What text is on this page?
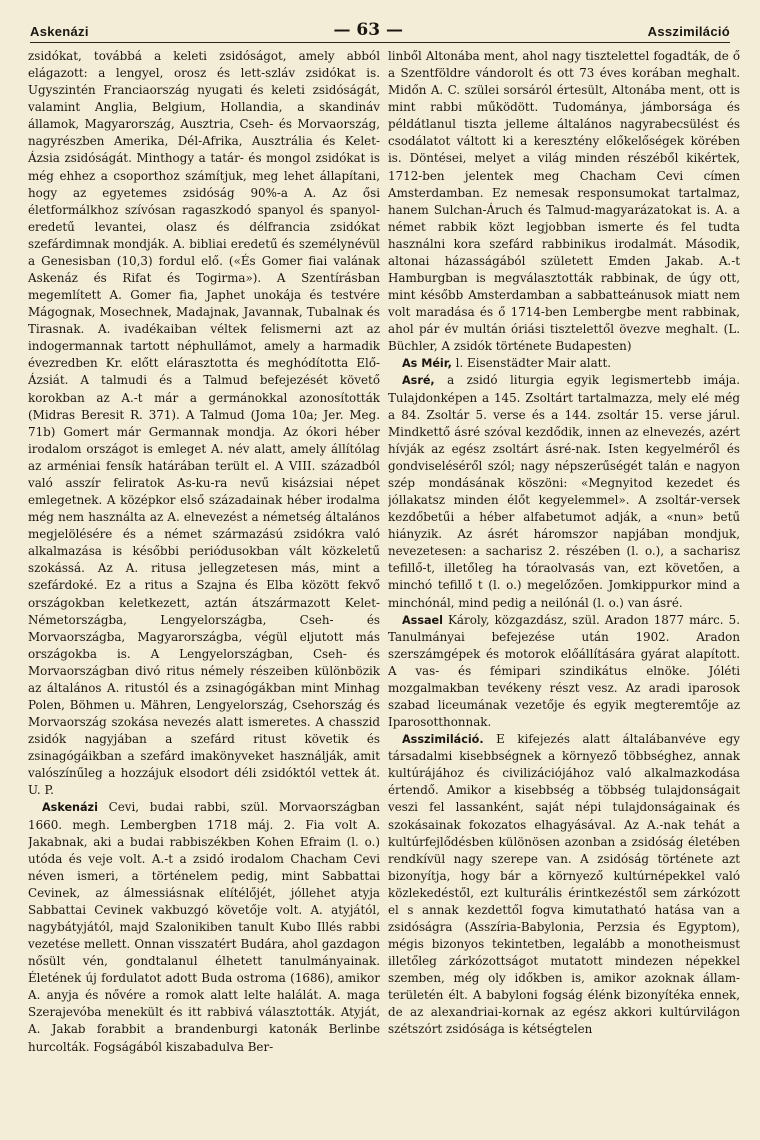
Askenázi	— 63 —	Asszimiláció

zsidókat, továbbá a keleti zsidóságot, amely abból elágazott: a lengyel, orosz és lett-szláv zsidókat is. Ugyszintén Franciaország nyugati és keleti zsidóságát, valamint Anglia, Belgium, Hollandia, a skandináv államok, Magyarország, Ausztria, Cseh- és Morvaország, nagyrészben Amerika, Dél-Afrika, Ausztrália és Kelet-Ázsia zsidóságát. Minthogy a tatár- és mongol zsidókat is még ehhez a csoporthoz számítjuk, meg lehet állapítani, hogy az egyetemes zsidóság 90%-a A. Az ősi életformálkhoz szívósan ragaszkodó spanyol és spanyol-eredetű levantei, olasz és délfrancia zsidókat szefárdimnak mondják. A. bibliai eredetű és személynévül a Genesisban (10,3) fordul elő. («És Gomer fiai valának Askenáz és Rifat és Togirma»). A Szentírásban megemlített A. Gomer fia, Japhet unokája és testvére Mágognak, Mosechnek, Madajnak, Javannak, Tubalnak és Tirasnak. A. ivadékaiban véltek felismerni azt az indogermannak tartott néphullámot, amely a harmadik évezredben Kr. előtt elárasztotta és meghódította Elő-Ázsiát. A talmudi és a Talmud befejezését követő korokban az A.-t már a germánokkal azonosították (Midras Beresit R. 371). A Talmud (Joma 10a; Jer. Meg. 71b) Gomert már Germannak mondja. Az ókori héber irodalom országot is emleget A. név alatt, amely állítólag az arméniai fensík határában terült el. A VIII. századból való asszír feliratok As-ku-ra nevű kisázsiai népet emlegetnek. A középkor első századainak héber irodalma még nem használta az A. elnevezést a németség általános megjelölésére és a német származású zsidókra való alkalmazása is későbbi periódusokban vált közkeletű szokássá. Az A. ritusa jellegzetesen más, mint a szefárdoké. Ez a ritus a Szajna és Elba között fekvő országokban keletkezett, aztán átszármazott Kelet-Németországba, Lengyelországba, Cseh- és Morvaországba, Magyarországba, végül eljutott más országokba is. A Lengyelországban, Cseh- és Morvaországban divó ritus némely részeiben különbözik az általános A. ritustól és a zsinagógákban mint Minhag Polen, Böhmen u. Mähren, Lengyelország, Csehország és Morvaország szokása nevezés alatt ismeretes. A chasszid zsidók nagyjában a szefárd ritust követik és zsinagógáikban a szefárd imakönyveket használják, amit valószínűleg a hozzájuk elsodort déli zsidóktól vettek át. U. P.

Askenázi Cevi, budai rabbi, szül. Morvaországban 1660. megh. Lembergben 1718 máj. 2. Fia volt A. Jakabnak, aki a budai rabbiszékben Kohen Efraim (l. o.) utóda és veje volt. A.-t a zsidó irodalom Chacham Cevi néven ismeri, a történelem pedig, mint Sabbattai Cevinek, az álmessiásnak elítélőjét, jóllehet atyja Sabbattai Cevinek vakbuzgó követője volt. A. atyjától, nagybátyjától, majd Szalonikiben tanult Kubo Illés rabbi vezetése mellett. Onnan visszatért Budára, ahol gazdagon nősült vén, gondtalanul élhetett tanulmányainak. Életének új fordulatot adott Buda ostroma (1686), amikor A. anyja és nővére a romok alatt lelte halálát. A. maga Szerajevóba menekült és itt rabbivá választották. Atyját, A. Jakab forabbit a brandenburgi katonák Berlinbe hurcolták. Fogságából kiszabadulva Ber-

linből Altonába ment, ahol nagy tisztelettel fogadták, de ő a Szentföldre vándorolt és ott 73 éves korában meghalt. Midőn A. C. szülei sorsáról értesült, Altonába ment, ott is mint rabbi működött. Tudománya, jámborsága és példátlanul tiszta jelleme általános nagyrabecsülést és csodálatot váltott ki a keresztény előkelőségek körében is. Döntései, melyet a világ minden részéből kikértek, 1712-ben jelentek meg Chacham Cevi címen Amsterdamban. Ez nemesak responsumokat tartalmaz, hanem Sulchan-Áruch és Talmud-magyarázatokat is. A. a német rabbik közt legjobban ismerte és fel tudta használni kora szefárd rabbinikus irodalmát. Második, altonai házasságából született Emden Jakab. A.-t Hamburgban is megválasztották rabbinak, de úgy ott, mint később Amsterdamban a sabbatteánusok miatt nem volt maradása és ő 1714-ben Lembergbe ment rabbinak, ahol pár év multán óriási tisztelettől övezve meghalt. (L. Büchler, A zsidók története Budapesten)

As Méir, l. Eisenstädter Mair alatt.

Asré, a zsidó liturgia egyik legismertebb imája. Tulajdonképen a 145. Zsoltárt tartalmazza, mely elé még a 84. Zsoltár 5. verse és a 144. zsoltár 15. verse járul. Mindkettő ásré szóval kezdődik, innen az elnevezés, azért hívják az egész zsoltárt ásré-nak. Isten kegyelméről és gondviseléséről szól; nagy népszerűségét talán e nagyon szép mondásának köszöni: «Megnyitod kezedet és jóllakatsz minden élőt kegyelemmel». A zsoltár-versek kezdőbetűi a héber alfabetumot adják, a «nun» betű hiányzik. Az ásrét háromszor napjában mondjuk, nevezetesen: a sacharisz 2. részében (l. o.), a sacharisz tefillő-t, illetőleg ha tóraolvasás van, ezt követően, a minchó tefillő t (l. o.) megelőzően. Jomkippurkor mind a minchónál, mind pedig a neilónál (l. o.) van ásré.

Assael Károly, közgazdász, szül. Aradon 1877 márc. 5. Tanulmányai befejezése után 1902. Aradon szerszámgépek és motorok előállítására gyárat alapított. A vas- és fémipari szindikátus elnöke. Jóléti mozgalmakban tevékeny részt vesz. Az aradi iparosok szabad liceumának vezetője és egyik megteremtője az Iparosotthonnak.

Asszimiláció. E kifejezés alatt általábanvéve egy társadalmi kisebbségnek a környező többséghez, annak kultúrájához és civilizációjához való alkalmazkodása értendő. Amikor a kisebbség a többség tulajdonságait veszi fel lassanként, saját népi tulajdonságainak és szokásainak fokozatos elhagyásával. Az A.-nak tehát a kultúrfejlődésben különösen azonban a zsidóság életében rendkívül nagy szerepe van. A zsidóság története azt bizonyítja, hogy bár a környező kultúrnépekkel való közlekedéstől, ezt kulturális érintkezéstől sem zárkózott el s annak kezdettől fogva kimutatható hatása van a zsidóságra (Asszíria-Babylonia, Perzsia és Egyptom), mégis bizonyos tekintetben, legalább a monotheismust illetőleg zárkózottságot mutatott mindezen népekkel szemben, még oly időkben is, amikor azoknak állam-területén élt. A babyloni fogság élénk bizonyítéka ennek, de az alexandriai-kornak az egész akkori kultúrvilágon szétszórt zsidósága is kétségtelen
